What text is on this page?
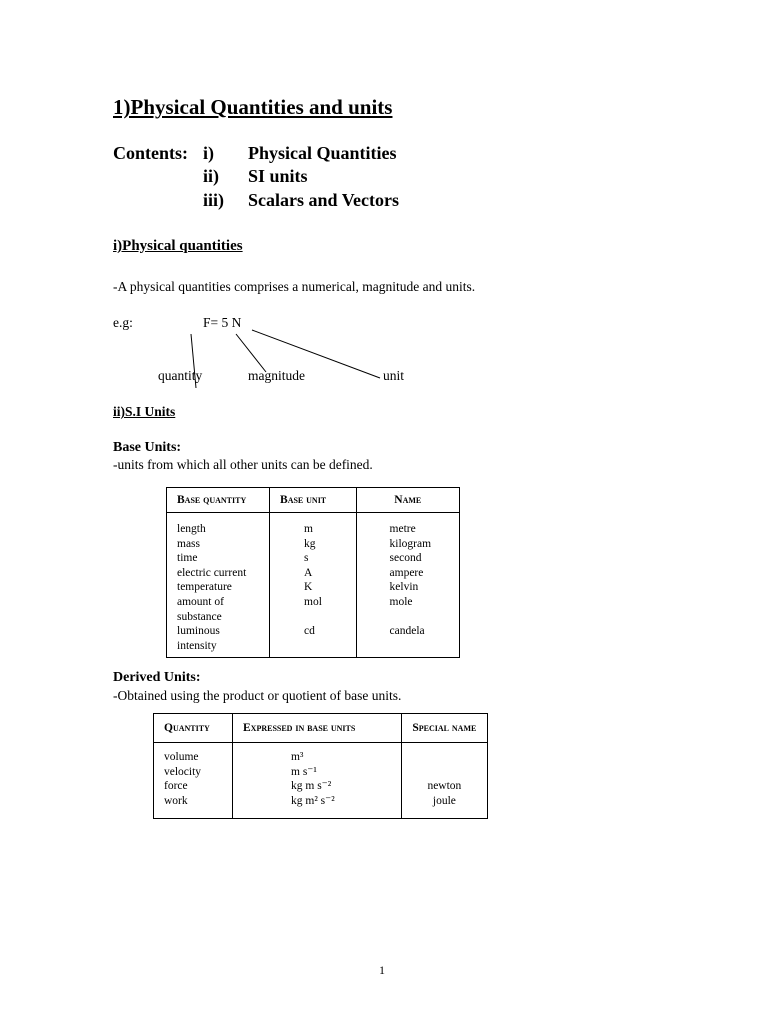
1)Physical Quantities and units
Contents: i) Physical Quantities
ii) SI units
iii) Scalars and Vectors
i)Physical quantities
-A physical quantities comprises a numerical, magnitude and units.
e.g:	F= 5 N
quantity	magnitude	unit
ii)S.I Units
Base Units:
-units from which all other units can be defined.
Base quantity	Base unit	Name
length	m	metre
mass	kg	kilogram
time	s	second
electric current	A	ampere
temperature	K	kelvin
amount of substance	mol	mole
luminous intensity	cd	candela
Derived Units:
-Obtained using the product or quotient of base units.
Quantity	Expressed in base units	Special name
volume	m³	
velocity	m s⁻¹	
force	kg m s⁻²	newton
work	kg m² s⁻²	joule
1
